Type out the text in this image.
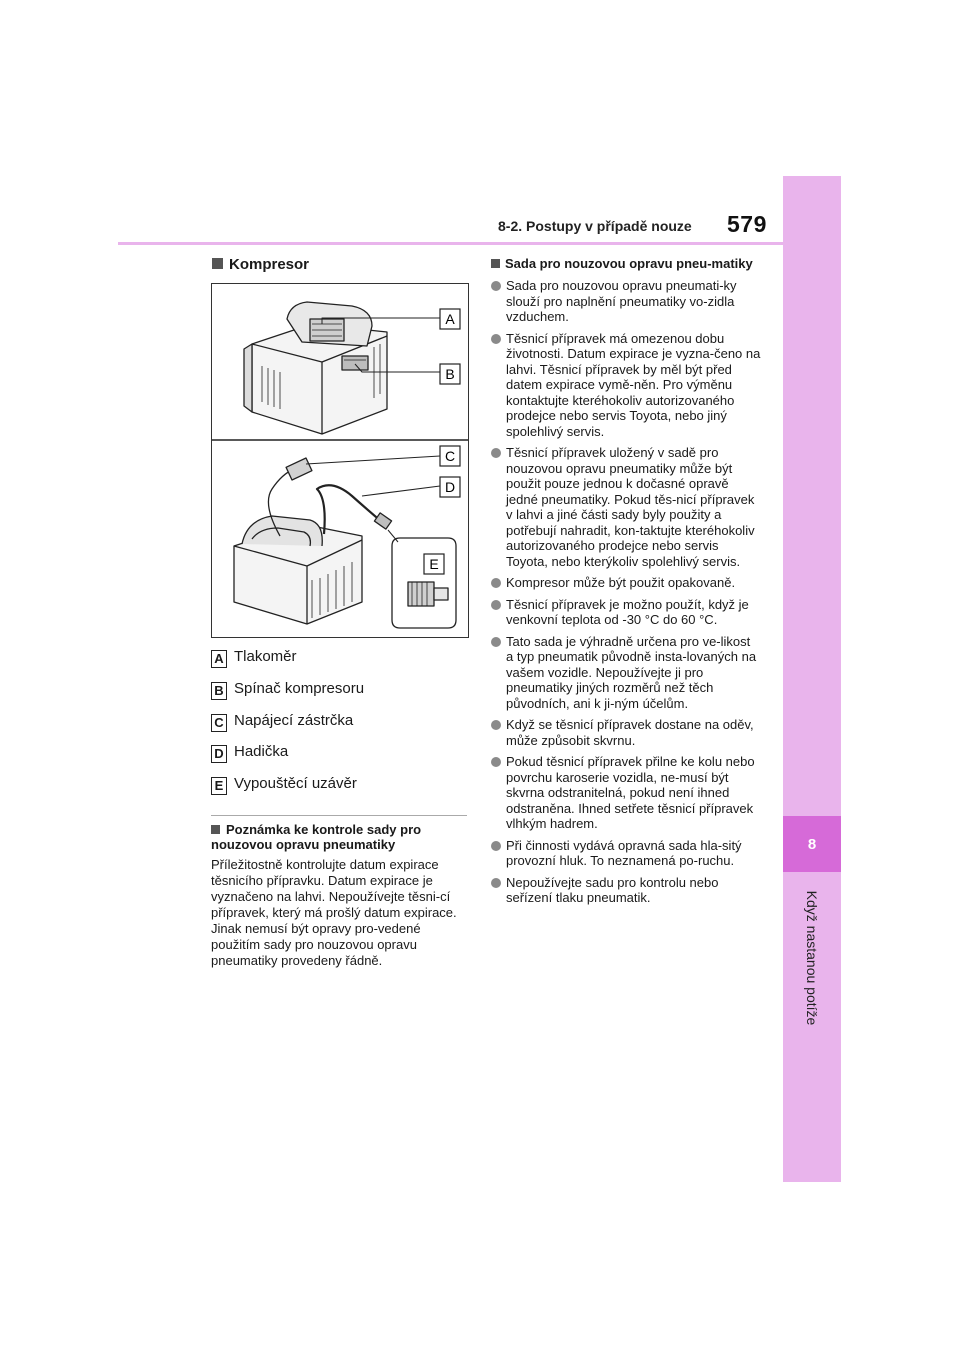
8
Když nastanou potíže
8-2. Postupy v případě nouze 579
Kompresor
A
B
C
D
E
A Tlakoměr
B Spínač kompresoru
C Napájecí zástrčka
D Hadička
E Vypouštěcí uzávěr
Poznámka ke kontrole sady pro nouzovou opravu pneumatiky
Příležitostně kontrolujte datum expirace těsnicího přípravku. Datum expirace je vyznačeno na lahvi. Nepoužívejte těsni-cí přípravek, který má prošlý datum expirace. Jinak nemusí být opravy pro-vedené použitím sady pro nouzovou opravu pneumatiky provedeny řádně.
Sada pro nouzovou opravu pneu-matiky
Sada pro nouzovou opravu pneumati-ky slouží pro naplnění pneumatiky vo-zidla vzduchem.
Těsnicí přípravek má omezenou dobu životnosti. Datum expirace je vyzna-čeno na lahvi. Těsnicí přípravek by měl být před datem expirace vymě-něn. Pro výměnu kontaktujte kteréhokoliv autorizovaného prodejce nebo servis Toyota, nebo jiný spolehlivý servis.
Těsnicí přípravek uložený v sadě pro nouzovou opravu pneumatiky může být použit pouze jednou k dočasné opravě jedné pneumatiky. Pokud těs-nicí přípravek v lahvi a jiné části sady byly použity a potřebují nahradit, kon-taktujte kteréhokoliv autorizovaného prodejce nebo servis Toyota, nebo kterýkoliv spolehlivý servis.
Kompresor může být použit opakovaně.
Těsnicí přípravek je možno použít, když je venkovní teplota od -30 °C do 60 °C.
Tato sada je výhradně určena pro ve-likost a typ pneumatik původně insta-lovaných na vašem vozidle. Nepoužívejte ji pro pneumatiky jiných rozměrů než těch původních, ani k ji-ným účelům.
Když se těsnicí přípravek dostane na oděv, může způsobit skvrnu.
Pokud těsnicí přípravek přilne ke kolu nebo povrchu karoserie vozidla, ne-musí být skvrna odstranitelná, pokud není ihned odstraněna. Ihned setřete těsnicí přípravek vlhkým hadrem.
Při činnosti vydává opravná sada hla-sitý provozní hluk. To neznamená po-ruchu.
Nepoužívejte sadu pro kontrolu nebo seřízení tlaku pneumatik.
